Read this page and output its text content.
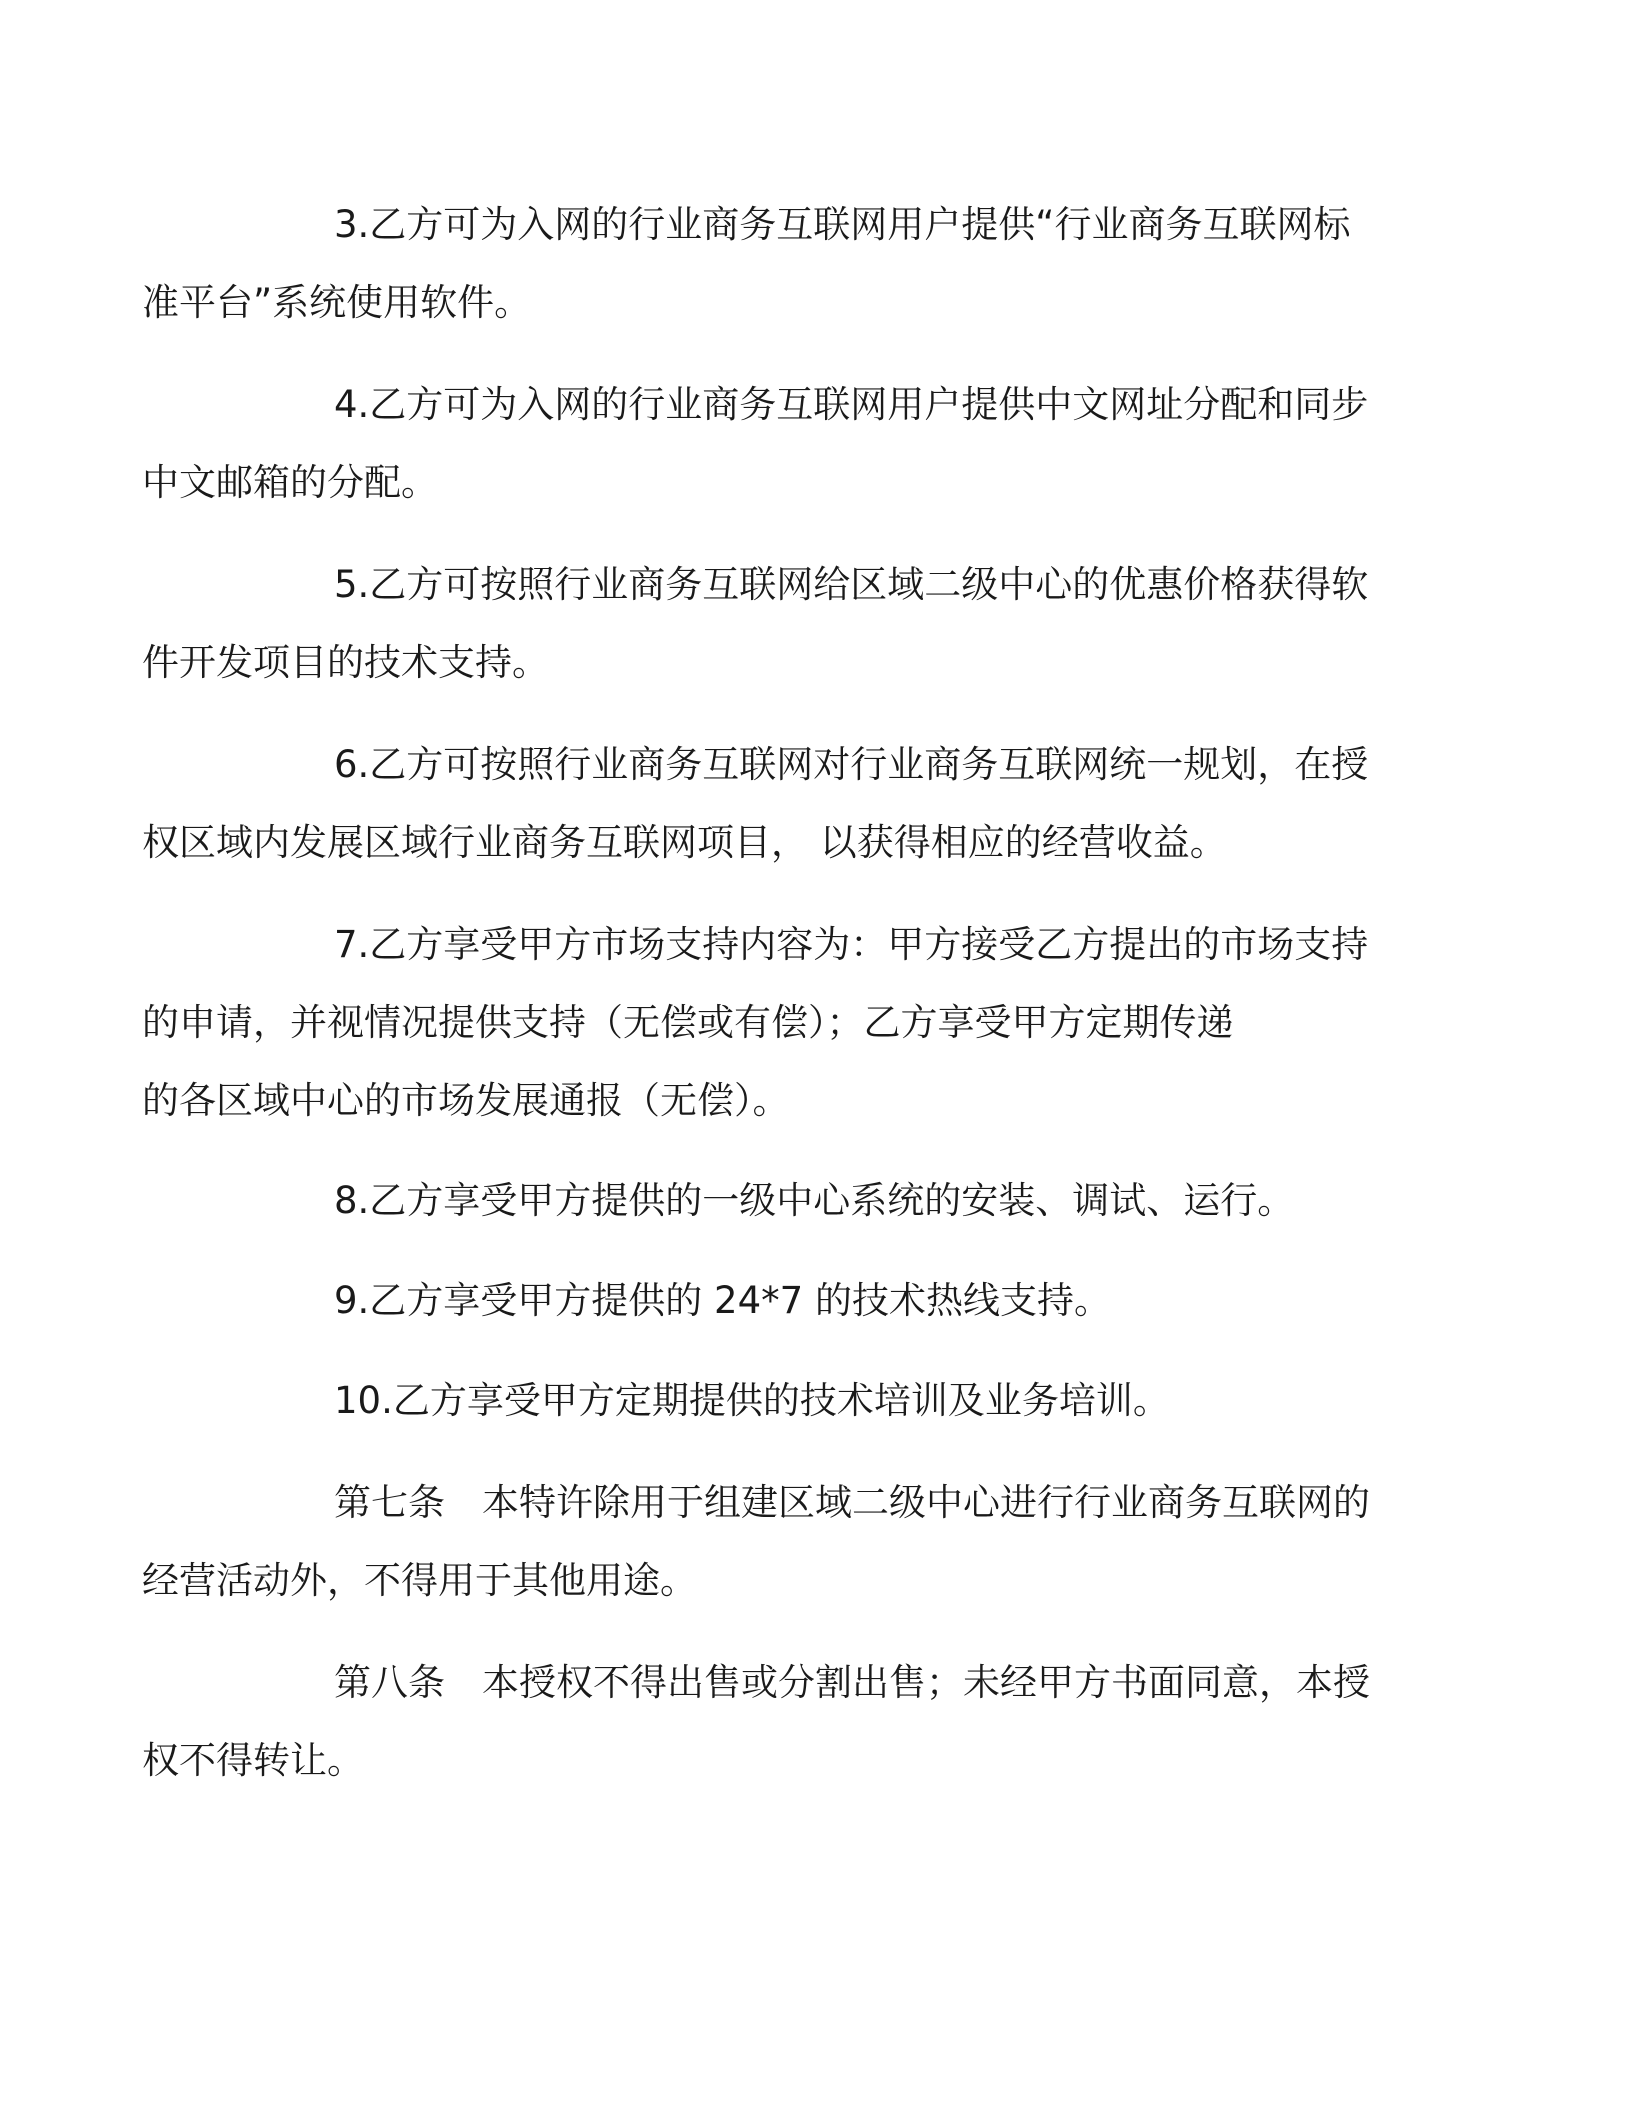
3.乙方可为入网的行业商务互联网用户提供“行业商务互联网标
准平台”系统使用软件。

4.乙方可为入网的行业商务互联网用户提供中文网址分配和同步
中文邮箱的分配。

5.乙方可按照行业商务互联网给区域二级中心的优惠价格获得软
件开发项目的技术支持。

6.乙方可按照行业商务互联网对行业商务互联网统一规划，在授
权区域内发展区域行业商务互联网项目， 以获得相应的经营收益。

7.乙方享受甲方市场支持内容为：甲方接受乙方提出的市场支持
的申请，并视情况提供支持（无偿或有偿）；乙方享受甲方定期传递
的各区域中心的市场发展通报（无偿）。

8.乙方享受甲方提供的一级中心系统的安装、调试、运行。

9.乙方享受甲方提供的 24*7 的技术热线支持。

10.乙方享受甲方定期提供的技术培训及业务培训。

第七条　本特许除用于组建区域二级中心进行行业商务互联网的
经营活动外，不得用于其他用途。

第八条　本授权不得出售或分割出售；未经甲方书面同意，本授
权不得转让。
